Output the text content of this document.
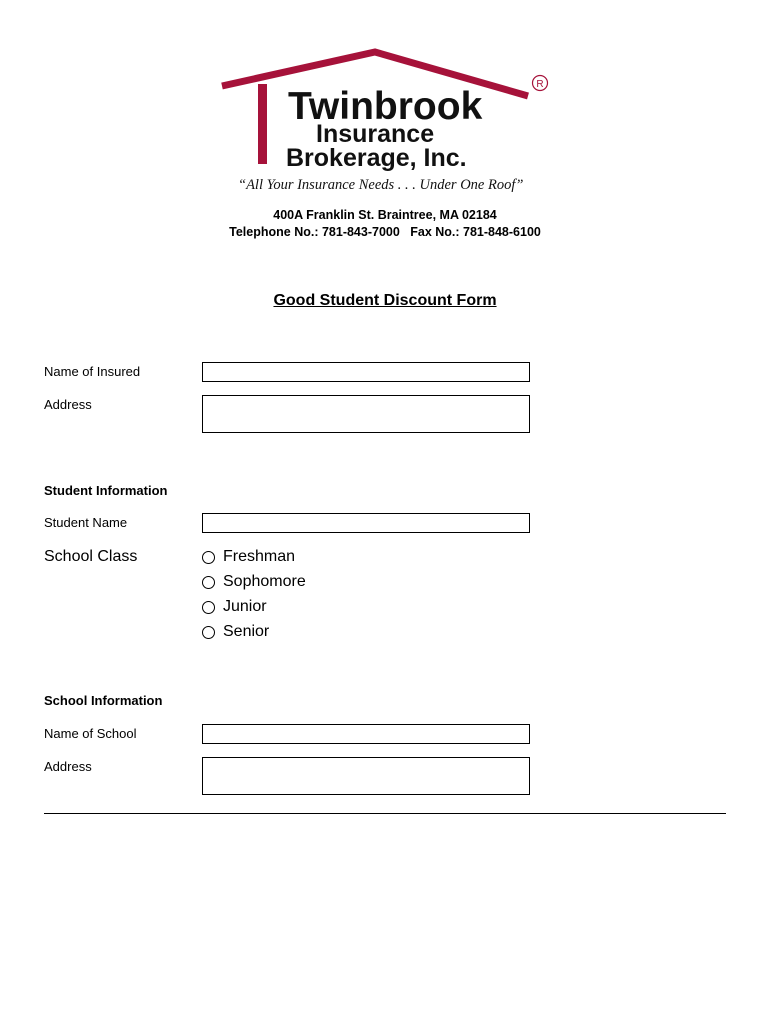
R
Twinbrook
Insurance
Brokerage, Inc.
“All Your Insurance Needs . . . Under One Roof”
400A Franklin St. Braintree, MA 02184
Telephone No.: 781-843-7000   Fax No.: 781-848-6100
Good Student Discount Form
Name of Insured
Address
Student Information
Student Name
School Class	Freshman
Sophomore
Junior
Senior
School Information
Name of School
Address
